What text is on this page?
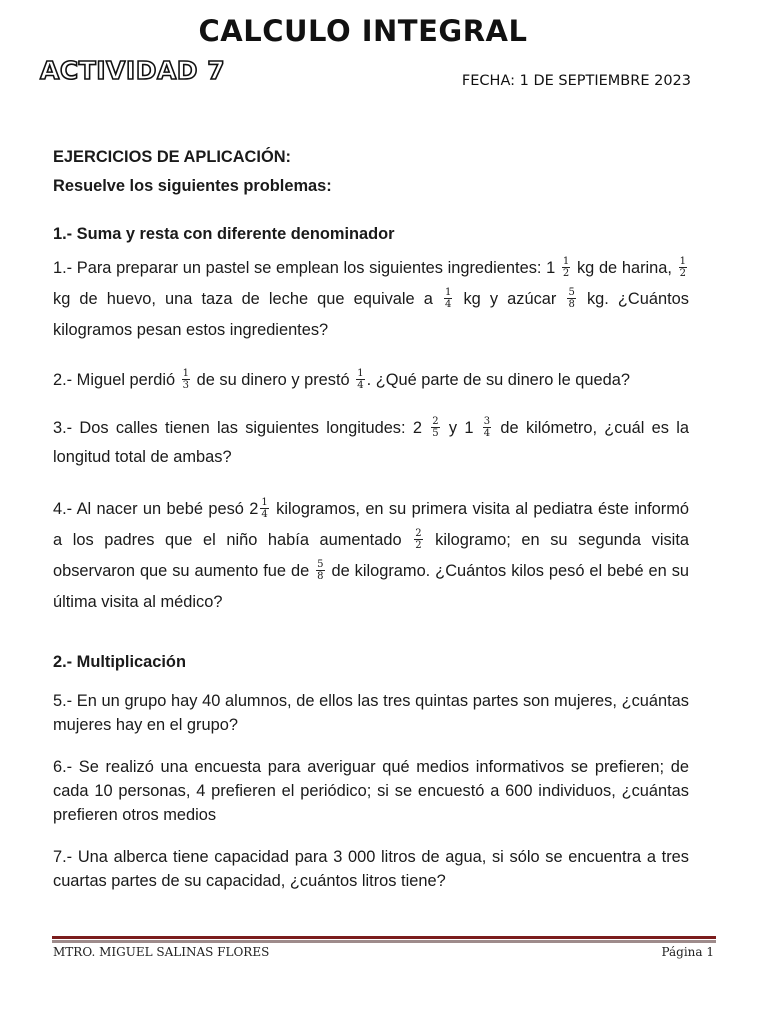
CALCULO INTEGRAL
ACTIVIDAD 7	FECHA: 1 DE SEPTIEMBRE 2023

EJERCICIOS DE APLICACIÓN:

Resuelve los siguientes problemas:

1.- Suma y resta con diferente denominador

1.- Para preparar un pastel se emplean los siguientes ingredientes: $1 \frac{1}{2}$ kg de harina, $\frac{1}{2}$
kg de huevo, una taza de leche que equivale a $\frac{1}{4}$ kg y azúcar $\frac{5}{8}$ kg. ¿Cuántos kilogramos pesan estos ingredientes?

2.- Miguel perdió $\frac{1}{3}$ de su dinero y prestó $\frac{1}{4}$ . ¿Qué parte de su dinero le queda?

3.- Dos calles tienen las siguientes longitudes: $2 \frac{2}{5}$ y $1 \frac{3}{4}$ de kilómetro, ¿cuál es la longitud total de ambas?

4.- Al nacer un bebé pesó $2 \frac{1}{4}$ kilogramos, en su primera visita al pediatra éste informó a los padres que el niño había aumentado $\frac{2}{2}$ kilogramo; en su segunda visita observaron que su aumento fue de $\frac{5}{8}$ de kilogramo. ¿Cuántos kilos pesó el bebé en su última visita al médico?

2.- Multiplicación

5.- En un grupo hay 40 alumnos, de ellos las tres quintas partes son mujeres, ¿cuántas mujeres hay en el grupo?

6.- Se realizó una encuesta para averiguar qué medios informativos se prefieren; de cada 10 personas, 4 prefieren el periódico; si se encuestó a 600 individuos, ¿cuántas prefieren otros medios

7.- Una alberca tiene capacidad para 3 000 litros de agua, si sólo se encuentra a tres cuartas partes de su capacidad, ¿cuántos litros tiene?

MTRO. MIGUEL SALINAS FLORES	Página 1
